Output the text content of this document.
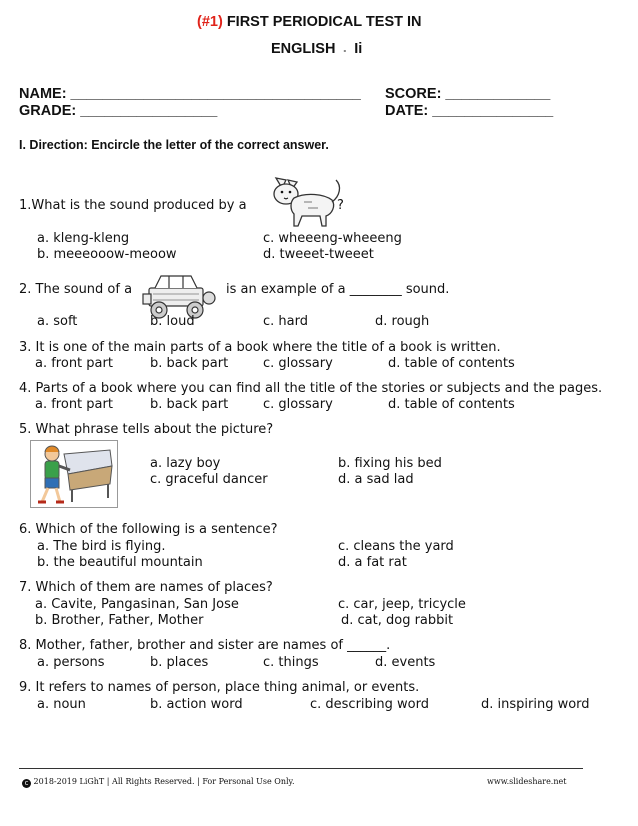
(#1) FIRST PERIODICAL TEST IN
ENGLISH - Ii
NAME: ____________________________________ SCORE: _____________
GRADE: _________________	DATE: _______________
I. Direction: Encircle the letter of the correct answer.
1.What is the sound produced by a	?
a. kleng-kleng	c. wheeeng-wheeeng
b. meeeooow-meoow	d. tweeet-tweeet
2. The sound of a	is an example of a ________ sound.
a. soft	b. loud	c. hard	d. rough
3. It is one of the main parts of a book where the title of a book is written.
a. front part	b. back part	c. glossary	d. table of contents
4. Parts of a book where you can find all the title of the stories or subjects and the pages.
a. front part	b. back part	c. glossary	d. table of contents
5. What phrase tells about the picture?
a. lazy boy	b. fixing his bed
c. graceful dancer	d. a sad lad
6. Which of the following is a sentence?
a. The bird is flying.	c. cleans the yard
b. the beautiful mountain	d. a fat rat
7. Which of them are names of places?
a. Cavite, Pangasinan, San Jose	c. car, jeep, tricycle
b. Brother, Father, Mother	d. cat, dog rabbit
8. Mother, father, brother and sister are names of ______.
a. persons	b. places	c. things	d. events
9. It refers to names of person, place thing animal, or events.
a. noun	b. action word	c. describing word	d. inspiring word
c 2018-2019 LiGhT | All Rights Reserved. | For Personal Use Only.	www.slideshare.net
